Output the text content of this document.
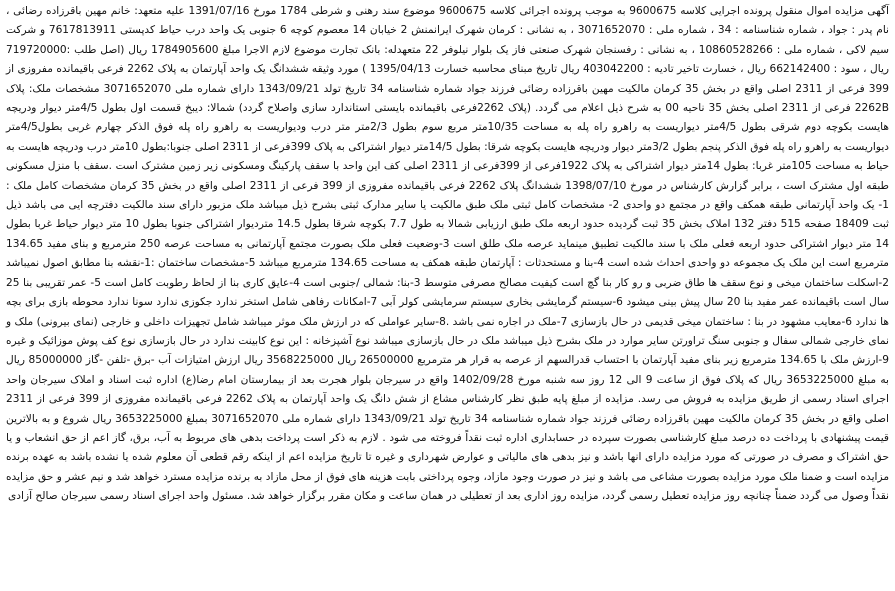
آگهی مزایده اموال منقول پرونده اجرایی کلاسه 9600675 به موجب پرونده اجرائی کلاسه 9600675 موضوع سند رهنی و شرطی 1784 مورخ 1391/07/16 علیه متعهد: خانم مهین باقرزاده رضائی ، نام پدر : جواد ، شماره شناسنامه : 34 ، شماره ملی : 3071652070 ، به نشانی : کرمان شهرک ایرانمنش 2 خیابان 14 معصوم کوچه 6 جنوبی یک واحد درب حیاط کدپستی 7617813911 و شرکت سیم لاکی ، شماره ملی : 10860528266 ، به نشانی : رفسنجان شهرک صنعتی فاز یک بلوار نیلوفر 22 متعهدله: بانک تجارت موضوع لازم الاجرا مبلغ 1784905600 ریال (اصل طلب :719720000 ریال ، سود : 662142400 ریال ، خسارت تاخیر تادیه : 403042200 ریال تاریخ مبنای محاسبه خسارت 1395/04/13 ) مورد وثیقه ششدانگ یک واحد آپارتمان به پلاک 2262 فرعی باقیمانده مفروزی از 399 فرعی از 2311 اصلی واقع در بخش 35 کرمان مالکیت مهین باقرزاده رضائی فرزند جواد شماره شناسنامه 34 تاریخ تولد 1343/09/21 دارای شماره ملی 3071652070 مشخصات ملک: پلاک 2262B فرعی از 2311 اصلی بخش 35 ناحیه 00 به شرح ذیل اعلام می گردد. (پلاک 2262فرعی باقیمانده بایستی استاندارد سازی واصلاح گردد) شمالا: دیبخ قسمت اول بطول 4/5متر دیوار ودریچه هایست بکوچه دوم شرقی بطول 4/5متر دیواریست به راهرو راه پله به مساحت 10/35متر مربع سوم بطول 2/3متر متر درب ودیواریست به راهرو راه پله فوق الذکر چهارم غربی بطول4/5متر دیواریست به راهرو راه پله فوق الذکر پنجم بطول 3/2متر دیوار ودریچه هایست بکوچه شرقا: بطول 14/5متر دیوار اشتراکی به پلاک 399فرعی از 2311 اصلی جنوبا:بطول 10متر درب ودریچه هایست به حیاط به مساحت 105متر غربا: بطول 14متر دیوار اشتراکی به پلاک 1922فرعی از 399فرعی از 2311 اصلی کف این واحد با سقف پارکینگ ومسکونی زیر زمین مشترک است .سقف با منزل مسکونی طبقه اول مشترک است ، برابر گزارش کارشناس در مورخ 1398/07/10 ششدانگ پلاک 2262 فرعی باقیمانده مفروزی از 399 فرعی از 2311 اصلی واقع در بخش 35 کرمان مشخصات کامل ملک : 1- یک واحد آپارتمانی طبقه همکف واقع در مجتمع دو واحدی 2- مشخصات کامل ثبتی ملک طبق مالکیت یا سایر مدارک ثبتی بشرح ذیل میباشد ملک مزبور دارای سند مالکیت دفترچه ایی می باشد ذیل ثبت 18409 صفحه 515 دفتر 132 املاک بخش 35 ثبت گردیده حدود اربعه ملک طبق ارزیابی شمالا به طول 7.7 بکوچه شرقا بطول 14.5 متردیوار اشتراکی جنوبا بطول 10 متر دیوار حیاط غربا بطول 14 متر دیوار اشتراکی حدود اربعه فعلی ملک با سند مالکیت تطبیق مینماید عرصه ملک طلق است 3-وضعیت فعلی ملک بصورت مجتمع آپارتمانی به مساحت عرصه 250 مترمربع و بنای مفید 134.65 مترمربع است این ملک یک مجموعه دو واحدی احداث شده است 4-بنا و مستحدثات : آپارتمان طبقه همکف به مساحت 134.65 مترمربع میباشد 5-مشخصات ساختمان :1-نقشه بنا مطابق اصول نمیباشد 2-اسکلت ساختمان میخی و نوع سقف ها طاق ضربی و رو کار بنا گچ است کیفیت مصالح مصرفی متوسط 3-بنا: شمالی /جنوبی است 4-عایق کاری بنا از لحاظ رطوبت کامل است 5- عمر تقریبی بنا 25 سال است باقیمانده عمر مفید بنا 20 سال پیش بینی میشود 6-سیستم گرمایشی بخاری سیستم سرمایشی کولر آبی 7-امکانات رفاهی شامل استخر ندارد جکوزی ندارد سونا ندارد محوطه بازی برای بچه ها ندارد 6-معایب مشهود در بنا : ساختمان میخی قدیمی در حال بازسازی 7-ملک در اجاره نمی باشد .8-سایر عواملی که در ارزش ملک موثر میباشد شامل تجهیزات داخلی و خارجی (نمای بیرونی) ملک و نمای خارجی شمالی سفال و جنوبی سنگ تراورتن سایر موارد در ملک بشرح ذیل میباشد ملک در حال بازسازی میباشد نوع آشپزخانه : این نوع کابینت ندارد در حال بازسازی نوع کف پوش موزائیک و غیره 9-ارزش ملک با 134.65 مترمربع زیر بنای مفید آپارتمان با احتساب قدرالسهم از عرصه به قرار هر مترمربع 26500000 ریال 3568225000 ریال ارزش امتیازات آب -برق -تلفن -گاز 85000000 ریال به مبلغ 3653225000 ریال که پلاک فوق از ساعت 9 الی 12 روز سه شنبه مورخ 1402/09/28 واقع در سیرجان بلوار هجرت بعد از بیمارستان امام رضا(ع) اداره ثبت اسناد و املاک سیرجان واحد اجرای اسناد رسمی از طریق مزایده به فروش می رسد. مزایده از مبلغ پایه طبق نظر کارشناس مشاع از شش دانگ یک واحد آپارتمان به پلاک 2262 فرعی باقیمانده مفروزی از 399 فرعی از 2311 اصلی واقع در بخش 35 کرمان مالکیت مهین باقرزاده رضائی فرزند جواد شماره شناسنامه 34 تاریخ تولد 1343/09/21 دارای شماره ملی 3071652070 بمبلغ 3653225000 ریال شروع و به بالاترین قیمت پیشنهادی با پرداخت ده درصد مبلغ کارشناسی بصورت سپرده در حسابداری اداره ثبت نقداً فروخته می شود . لازم به ذکر است پرداخت بدهی های مربوط به آب، برق، گاز اعم از حق انشعاب و یا حق اشتراک و مصرف در صورتی که مورد مزایده دارای انها باشد و نیز بدهی های مالیاتی و عوارض شهرداری و غیره تا تاریخ مزایده اعم از اینکه رقم قطعی آن معلوم شده یا نشده باشد به عهده برنده مزایده است و ضمنا ملک مورد مزایده بصورت مشاعی می باشد و نیز در صورت وجود مازاد، وجوه پرداختی بابت هزینه های فوق از محل مازاد به برنده مزایده مسترد خواهد شد و نیم عشر و حق مزایده نقداً وصول می گردد ضمناً چنانچه روز مزایده تعطیل رسمی گردد، مزایده روز اداری بعد از تعطیلی در همان ساعت و مکان مقرر برگزار خواهد شد. مسئول واحد اجرای اسناد رسمی سیرجان صالح آزادی
